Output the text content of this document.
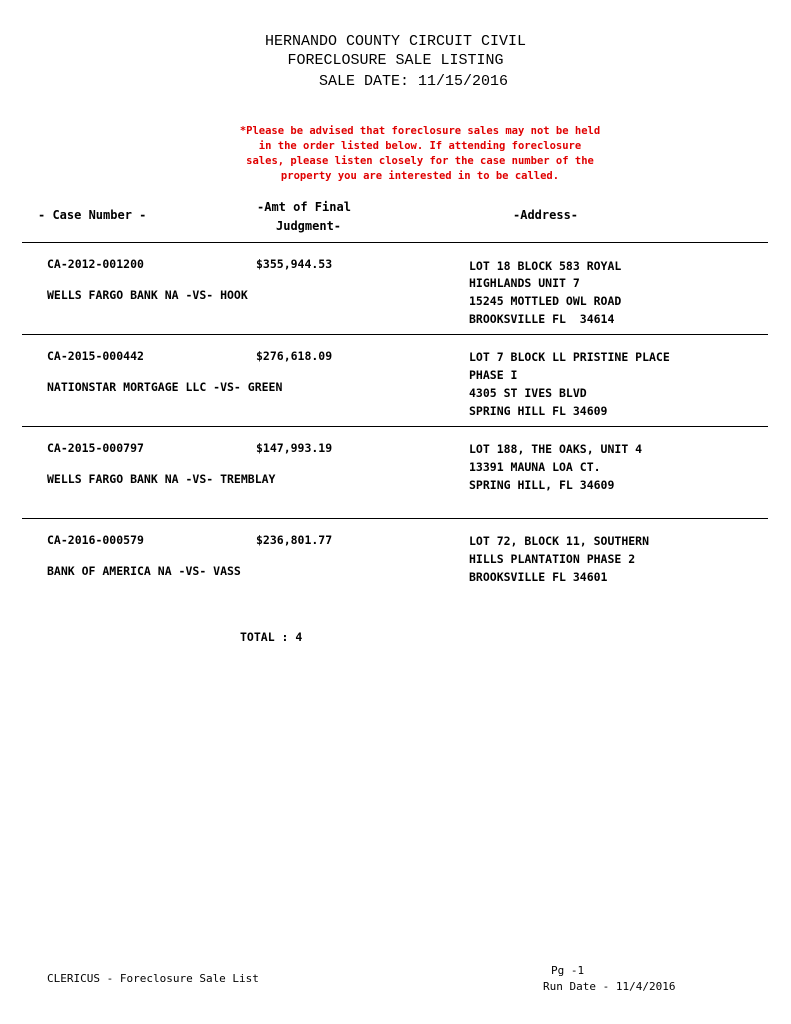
HERNANDO COUNTY CIRCUIT CIVIL
FORECLOSURE SALE LISTING
SALE DATE: 11/15/2016
*Please be advised that foreclosure sales may not be held
in the order listed below. If attending foreclosure
sales, please listen closely for the case number of the
property you are interested in to be called.
- Case Number -
-Amt of Final
Judgment-
-Address-
CA-2012-001200	$355,944.53
WELLS FARGO BANK NA -VS- HOOK
LOT 18 BLOCK 583 ROYAL
HIGHLANDS UNIT 7
15245 MOTTLED OWL ROAD
BROOKSVILLE FL  34614
CA-2015-000442	$276,618.09
NATIONSTAR MORTGAGE LLC -VS- GREEN
LOT 7 BLOCK LL PRISTINE PLACE
PHASE I
4305 ST IVES BLVD
SPRING HILL FL 34609
CA-2015-000797	$147,993.19
WELLS FARGO BANK NA -VS- TREMBLAY
LOT 188, THE OAKS, UNIT 4
13391 MAUNA LOA CT.
SPRING HILL, FL 34609
CA-2016-000579	$236,801.77
BANK OF AMERICA NA -VS- VASS
LOT 72, BLOCK 11, SOUTHERN
HILLS PLANTATION PHASE 2
BROOKSVILLE FL 34601
TOTAL : 4
CLERICUS - Foreclosure Sale List
Pg -1
Run Date - 11/4/2016
